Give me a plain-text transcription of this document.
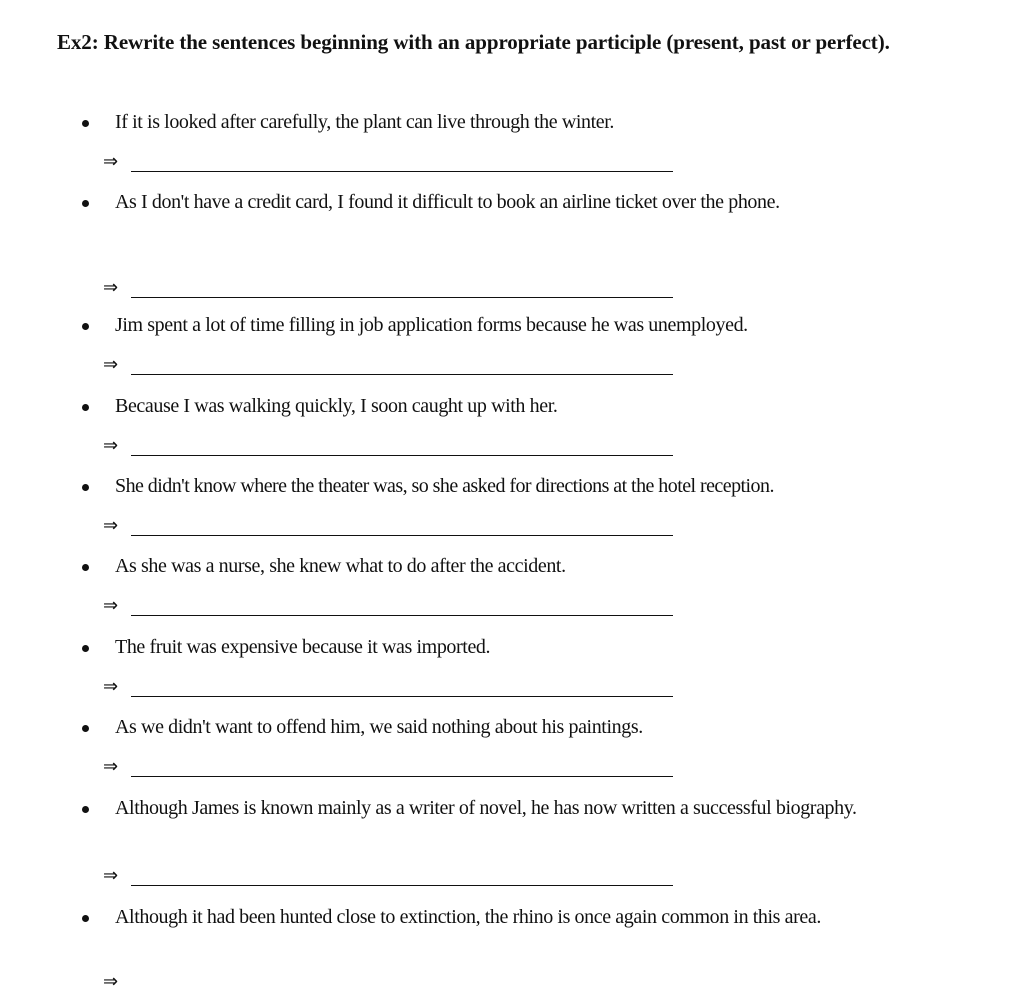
Ex2: Rewrite the sentences beginning with an appropriate participle (present, past or perfect).
If it is looked after carefully, the plant can live through the winter.
⇒
As I don't have a credit card, I found it difficult to book an airline ticket over the phone.
⇒
Jim spent a lot of time filling in job application forms because he was unemployed.
⇒
Because I was walking quickly, I soon caught up with her.
⇒
She didn't know where the theater was, so she asked for directions at the hotel reception.
⇒
As she was a nurse, she knew what to do after the accident.
⇒
The fruit was expensive because it was imported.
⇒
As we didn't want to offend him, we said nothing about his paintings.
⇒
Although James is known mainly as a writer of novel, he has now written a successful biography.
⇒
Although it had been hunted close to extinction, the rhino is once again common in this area.
⇒
